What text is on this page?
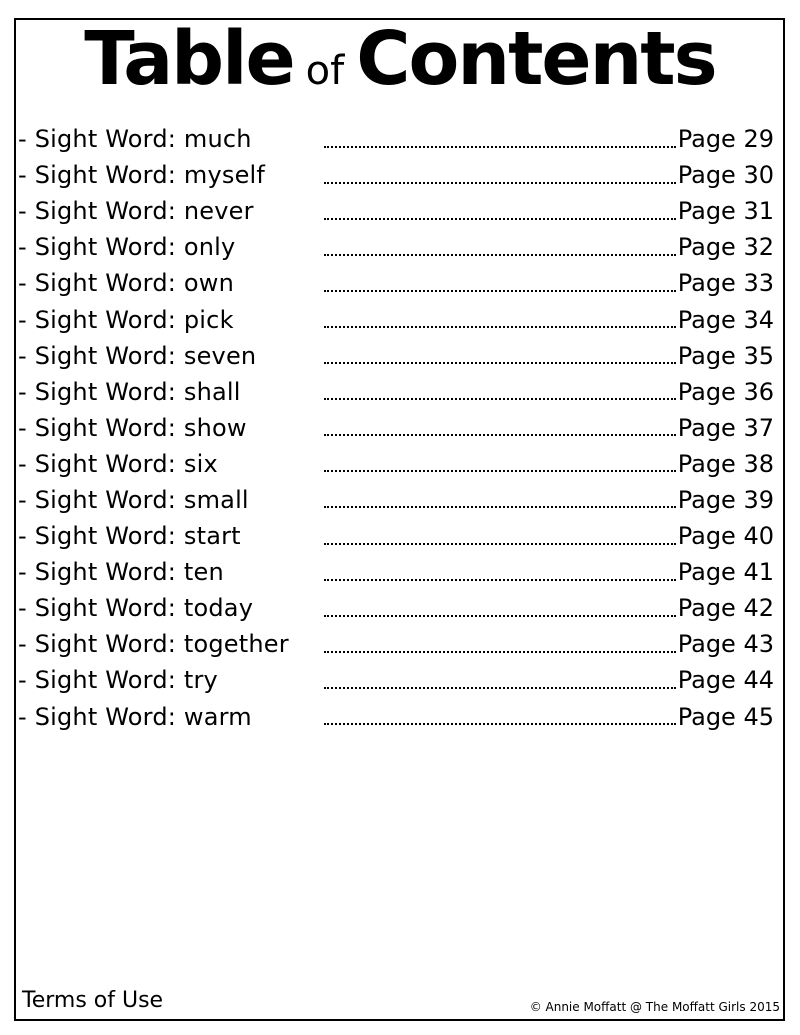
Table of Contents
- Sight Word: much	Page 29
- Sight Word: myself	Page 30
- Sight Word: never	Page 31
- Sight Word: only	Page 32
- Sight Word: own	Page 33
- Sight Word: pick	Page 34
- Sight Word: seven	Page 35
- Sight Word: shall	Page 36
- Sight Word: show	Page 37
- Sight Word: six	Page 38
- Sight Word: small	Page 39
- Sight Word: start	Page 40
- Sight Word: ten	Page 41
- Sight Word: today	Page 42
- Sight Word: together	Page 43
- Sight Word: try	Page 44
- Sight Word: warm	Page 45
Terms of Use	© Annie Moffatt @ The Moffatt Girls 2015
